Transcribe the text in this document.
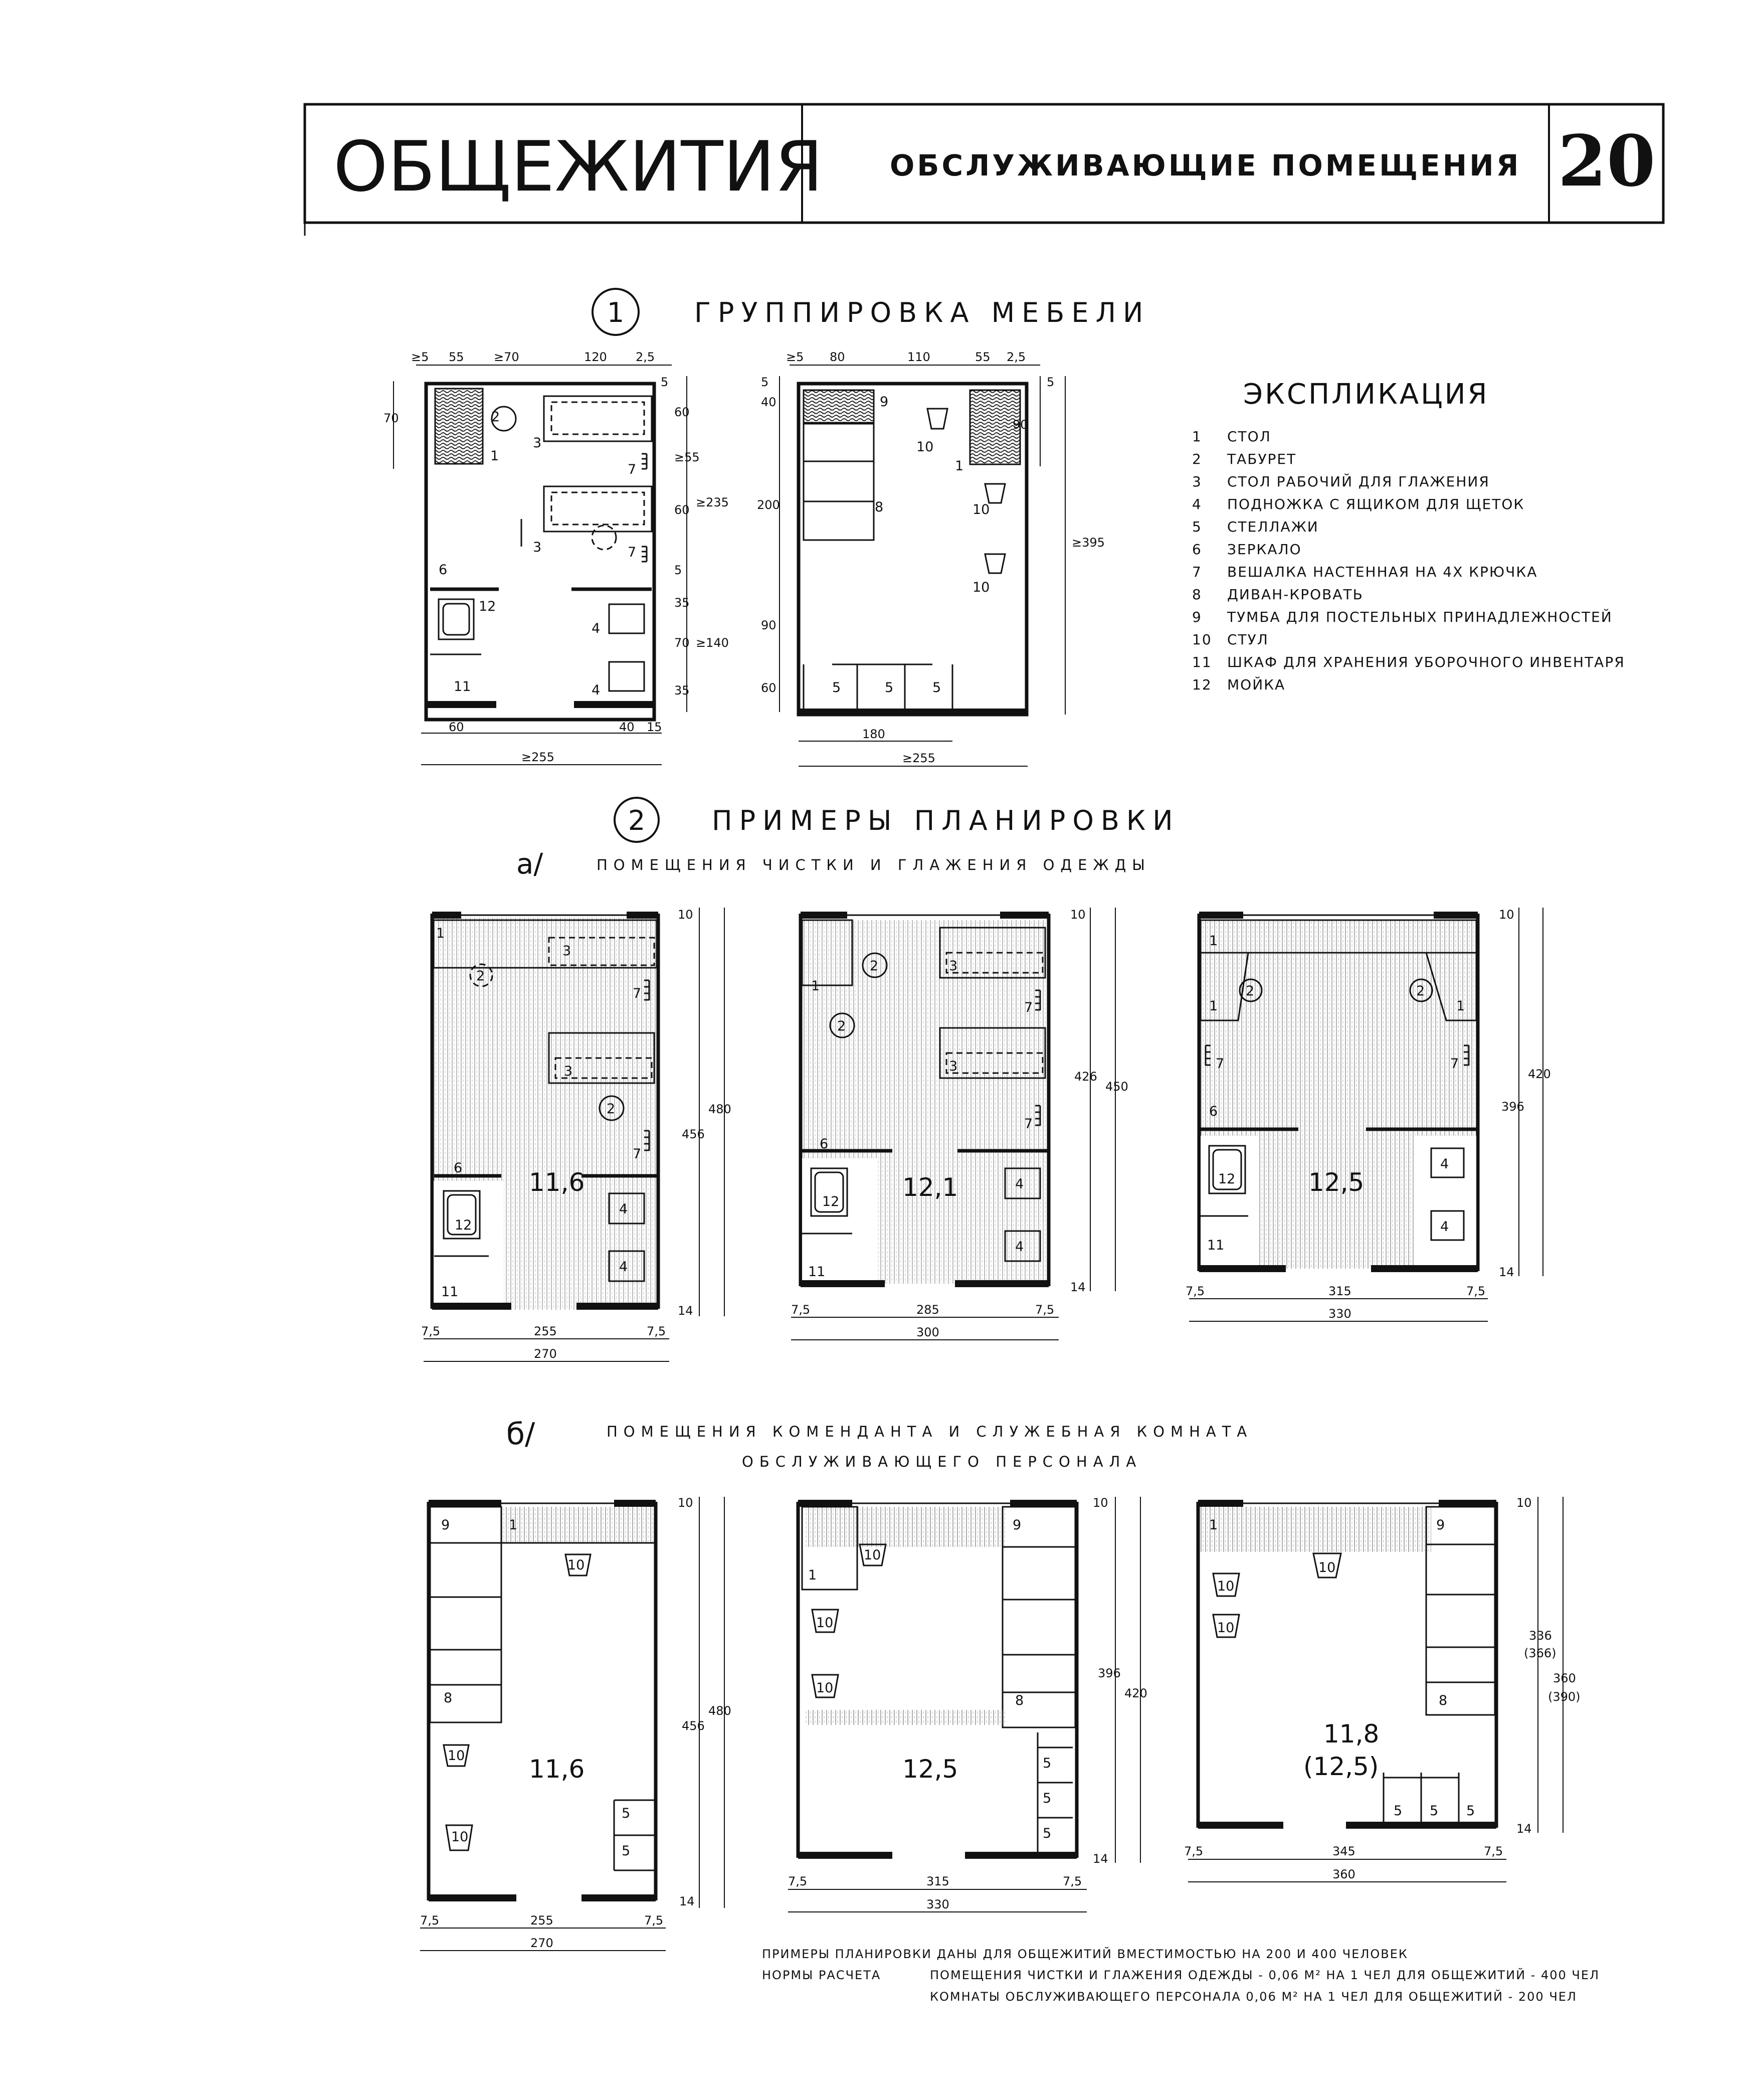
ОБЩЕЖИТИЯ ОБСЛУЖИВАЮЩИЕ ПОМЕЩЕНИЯ 20
1	ГРУППИРОВКА МЕБЕЛИ
2
1
3
3
7
7
6
12
4
4
11
≥5 55 ≥70	120 2,5
70
5
60
≥55
60
5
35
70
35
≥235
≥140
60	40 15
≥255
9
1
10
10
10
8
5	5	5
≥5 80	110	55 2,5
5
40
200
90
60
5
90
≥395
180
≥255
ЭКСПЛИКАЦИЯ
1 СТОЛ
2 ТАБУРЕТ
3 СТОЛ РАБОЧИЙ ДЛЯ ГЛАЖЕНИЯ
4 ПОДНОЖКА С ЯЩИКОМ ДЛЯ ЩЕТОК
5 СТЕЛЛАЖИ
6 ЗЕРКАЛО
7 ВЕШАЛКА НАСТЕННАЯ НА 4Х КРЮЧКА
8 ДИВАН-КРОВАТЬ
9 ТУМБА ДЛЯ ПОСТЕЛЬНЫХ ПРИНАДЛЕЖНОСТЕЙ
10 СТУЛ
11 ШКАФ ДЛЯ ХРАНЕНИЯ УБОРОЧНОГО ИНВЕНТАРЯ
12 МОЙКА
2 ПРИМЕРЫ ПЛАНИРОВКИ
а/	ПОМЕЩЕНИЯ ЧИСТКИ И ГЛАЖЕНИЯ ОДЕЖДЫ
1
2
3
3
2
7
7
6
12
4
4
11
11,6
10
14
456
480
7,5	7,5
255
270
1
2
2
3
3
7
7
6
12
4
4
11
12,1
10
14
426
450
7,5	7,5
285
300
1
1	1
2	2
7	7
6
12
4
4
11
12,5
10
14
396
420
7,5	7,5
315
330
б/	ПОМЕЩЕНИЯ КОМЕНДАНТА И СЛУЖЕБНАЯ КОМНАТА
ОБСЛУЖИВАЮЩЕГО ПЕРСОНАЛА
9	1
10
8
10
10
5
5
11,6
10
14
456
480
7,5	7,5
255
270
9
1
10
10
10
8
5
5
5
12,5
10
14
396
420
7,5	7,5
315
330
1	9
10
10
10
8
5 5 5
11,8
(12,5)
10
14
336
(366)
360
(390)
7,5	7,5
345
360
ПРИМЕРЫ ПЛАНИРОВКИ ДАНЫ ДЛЯ ОБЩЕЖИТИЙ ВМЕСТИМОСТЬЮ НА 200 И 400 ЧЕЛОВЕК
НОРМЫ РАСЧЕТА	ПОМЕЩЕНИЯ ЧИСТКИ И ГЛАЖЕНИЯ ОДЕЖДЫ - 0,06 М² НА 1 ЧЕЛ ДЛЯ ОБЩЕЖИТИЙ - 400 ЧЕЛ
КОМНАТЫ ОБСЛУЖИВАЮЩЕГО ПЕРСОНАЛА 0,06 М² НА 1 ЧЕЛ ДЛЯ ОБЩЕЖИТИЙ - 200 ЧЕЛ
